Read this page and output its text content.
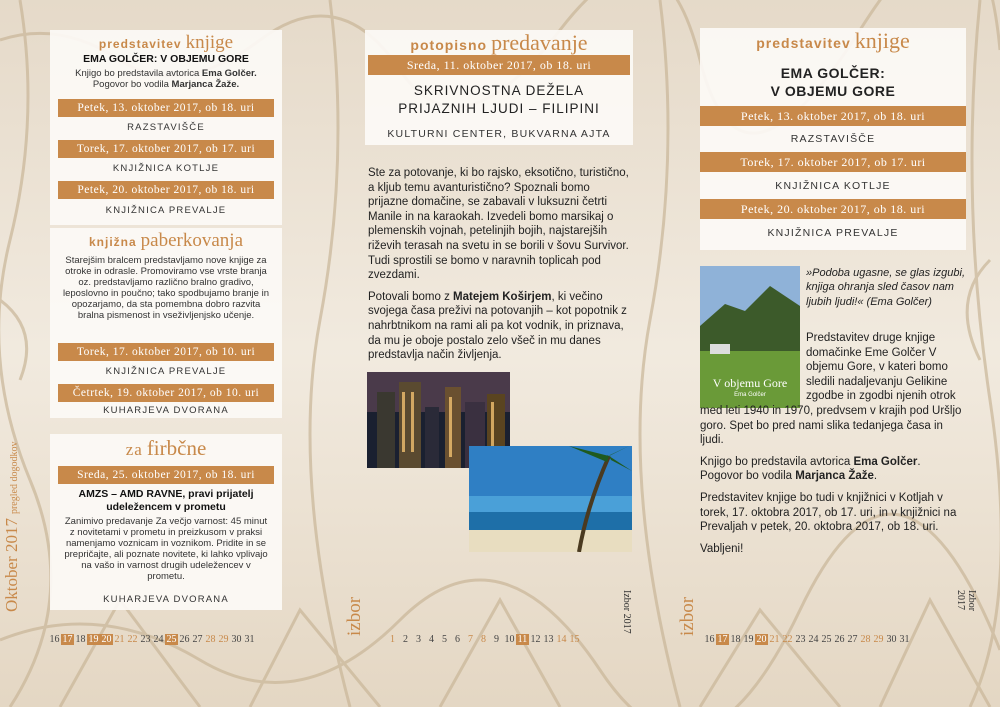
predstavitev knjige
EMA GOLČER: V OBJEMU GORE
Knjigo bo predstavila avtorica Ema Golčer.
Pogovor bo vodila Marjanca Žaže.
Petek, 13. oktober 2017, ob 18. uri
RAZSTAVIŠČE
Torek, 17. oktober 2017, ob 17. uri
KNJIŽNICA KOTLJE
Petek, 20. oktober 2017, ob 18. uri
KNJIŽNICA PREVALJE
knjižna paberkovanja
Starejšim bralcem predstavljamo nove knjige za otroke in odrasle. Promoviramo vse vrste branja oz. predstavljamo različno bralno gradivo, leposlovno in poučno; tako spodbujamo branje in opozarjamo, da sta pomembna dobro razvita bralna pismenost in vseživljenjsko učenje.
Torek, 17. oktober 2017, ob 10. uri
KNJIŽNICA PREVALJE
Četrtek, 19. oktober 2017, ob 10. uri
KUHARJEVA DVORANA
za firbčne
Sreda, 25. oktober 2017, ob 18. uri
AMZS – AMD RAVNE, pravi prijatelj udeležencem v prometu
Zanimivo predavanje Za večjo varnost: 45 minut z novitetami v prometu in preizkusom v praksi namenjamo voznicam in voznikom. Pridite in se prepričajte, ali poznate novitete, ki lahko vplivajo na vašo in varnost drugih udeležencev v prometu.
KUHARJEVA DVORANA
Oktober 2017 pregled dogodkov
16 17 18 19 20 21 22 23 24 25 26 27 28 29 30 31
potopisno predavanje
Sreda, 11. oktober 2017, ob 18. uri
SKRIVNOSTNA DEŽELA
PRIJAZNIH LJUDI – FILIPINI
KULTURNI CENTER, BUKVARNA AJTA

Ste za potovanje, ki bo rajsko, eksotično, turistično, a kljub temu avanturistično? Spoznali bomo prijazne domačine, se zabavali v luksuzni četrti Manile in na karaokah. Izvedeli bomo marsikaj o plemenskih vojnah, petelinjih bojih, najstarejših riževih terasah na svetu in se borili v šovu Survivor. Tudi sprostili se bomo v naravnih toplicah pod zvezdami.

Potovali bomo z Matejem Koširjem, ki večino svojega časa preživi na potovanjih – kot popotnik z nahrbtnikom na rami ali pa kot vodnik, in priznava, da mu je oboje postalo zelo všeč in mu danes predstavlja način življenja.

izbor	Izbor 2017
1 2 3 4 5 6 7 8 9 10 11 12 13 14 15
predstavitev knjige
EMA GOLČER:
V OBJEMU GORE
Petek, 13. oktober 2017, ob 18. uri
RAZSTAVIŠČE
Torek, 17. oktober 2017, ob 17. uri
KNJIŽNICA KOTLJE
Petek, 20. oktober 2017, ob 18. uri
KNJIŽNICA PREVALJE
V objemu Gore
Ema Golčer
»Podoba ugasne, se glas izgubi, knjiga ohranja sled časov nam ljubih ljudi!« (Ema Golčer)

Predstavitev druge knjige domačinke Eme Golčer V objemu Gore, v kateri bomo sledili nadaljevanju Gelikine zgodbe in zgodbi njenih otrok med leti 1940 in 1970, predvsem v krajih pod Uršljo goro. Spet bo pred nami slika tedanjega časa in ljudi.

Knjigo bo predstavila avtorica Ema Golčer.
Pogovor bo vodila Marjanca Žaže.

Predstavitev knjige bo tudi v knjižnici v Kotljah v torek, 17. oktobra 2017, ob 17. uri, in v knjižnici na Prevaljah v petek, 20. oktobra 2017, ob 18. uri.

Vabljeni!

izbor	Izbor 2017
16 17 18 19 20 21 22 23 24 25 26 27 28 29 30 31
